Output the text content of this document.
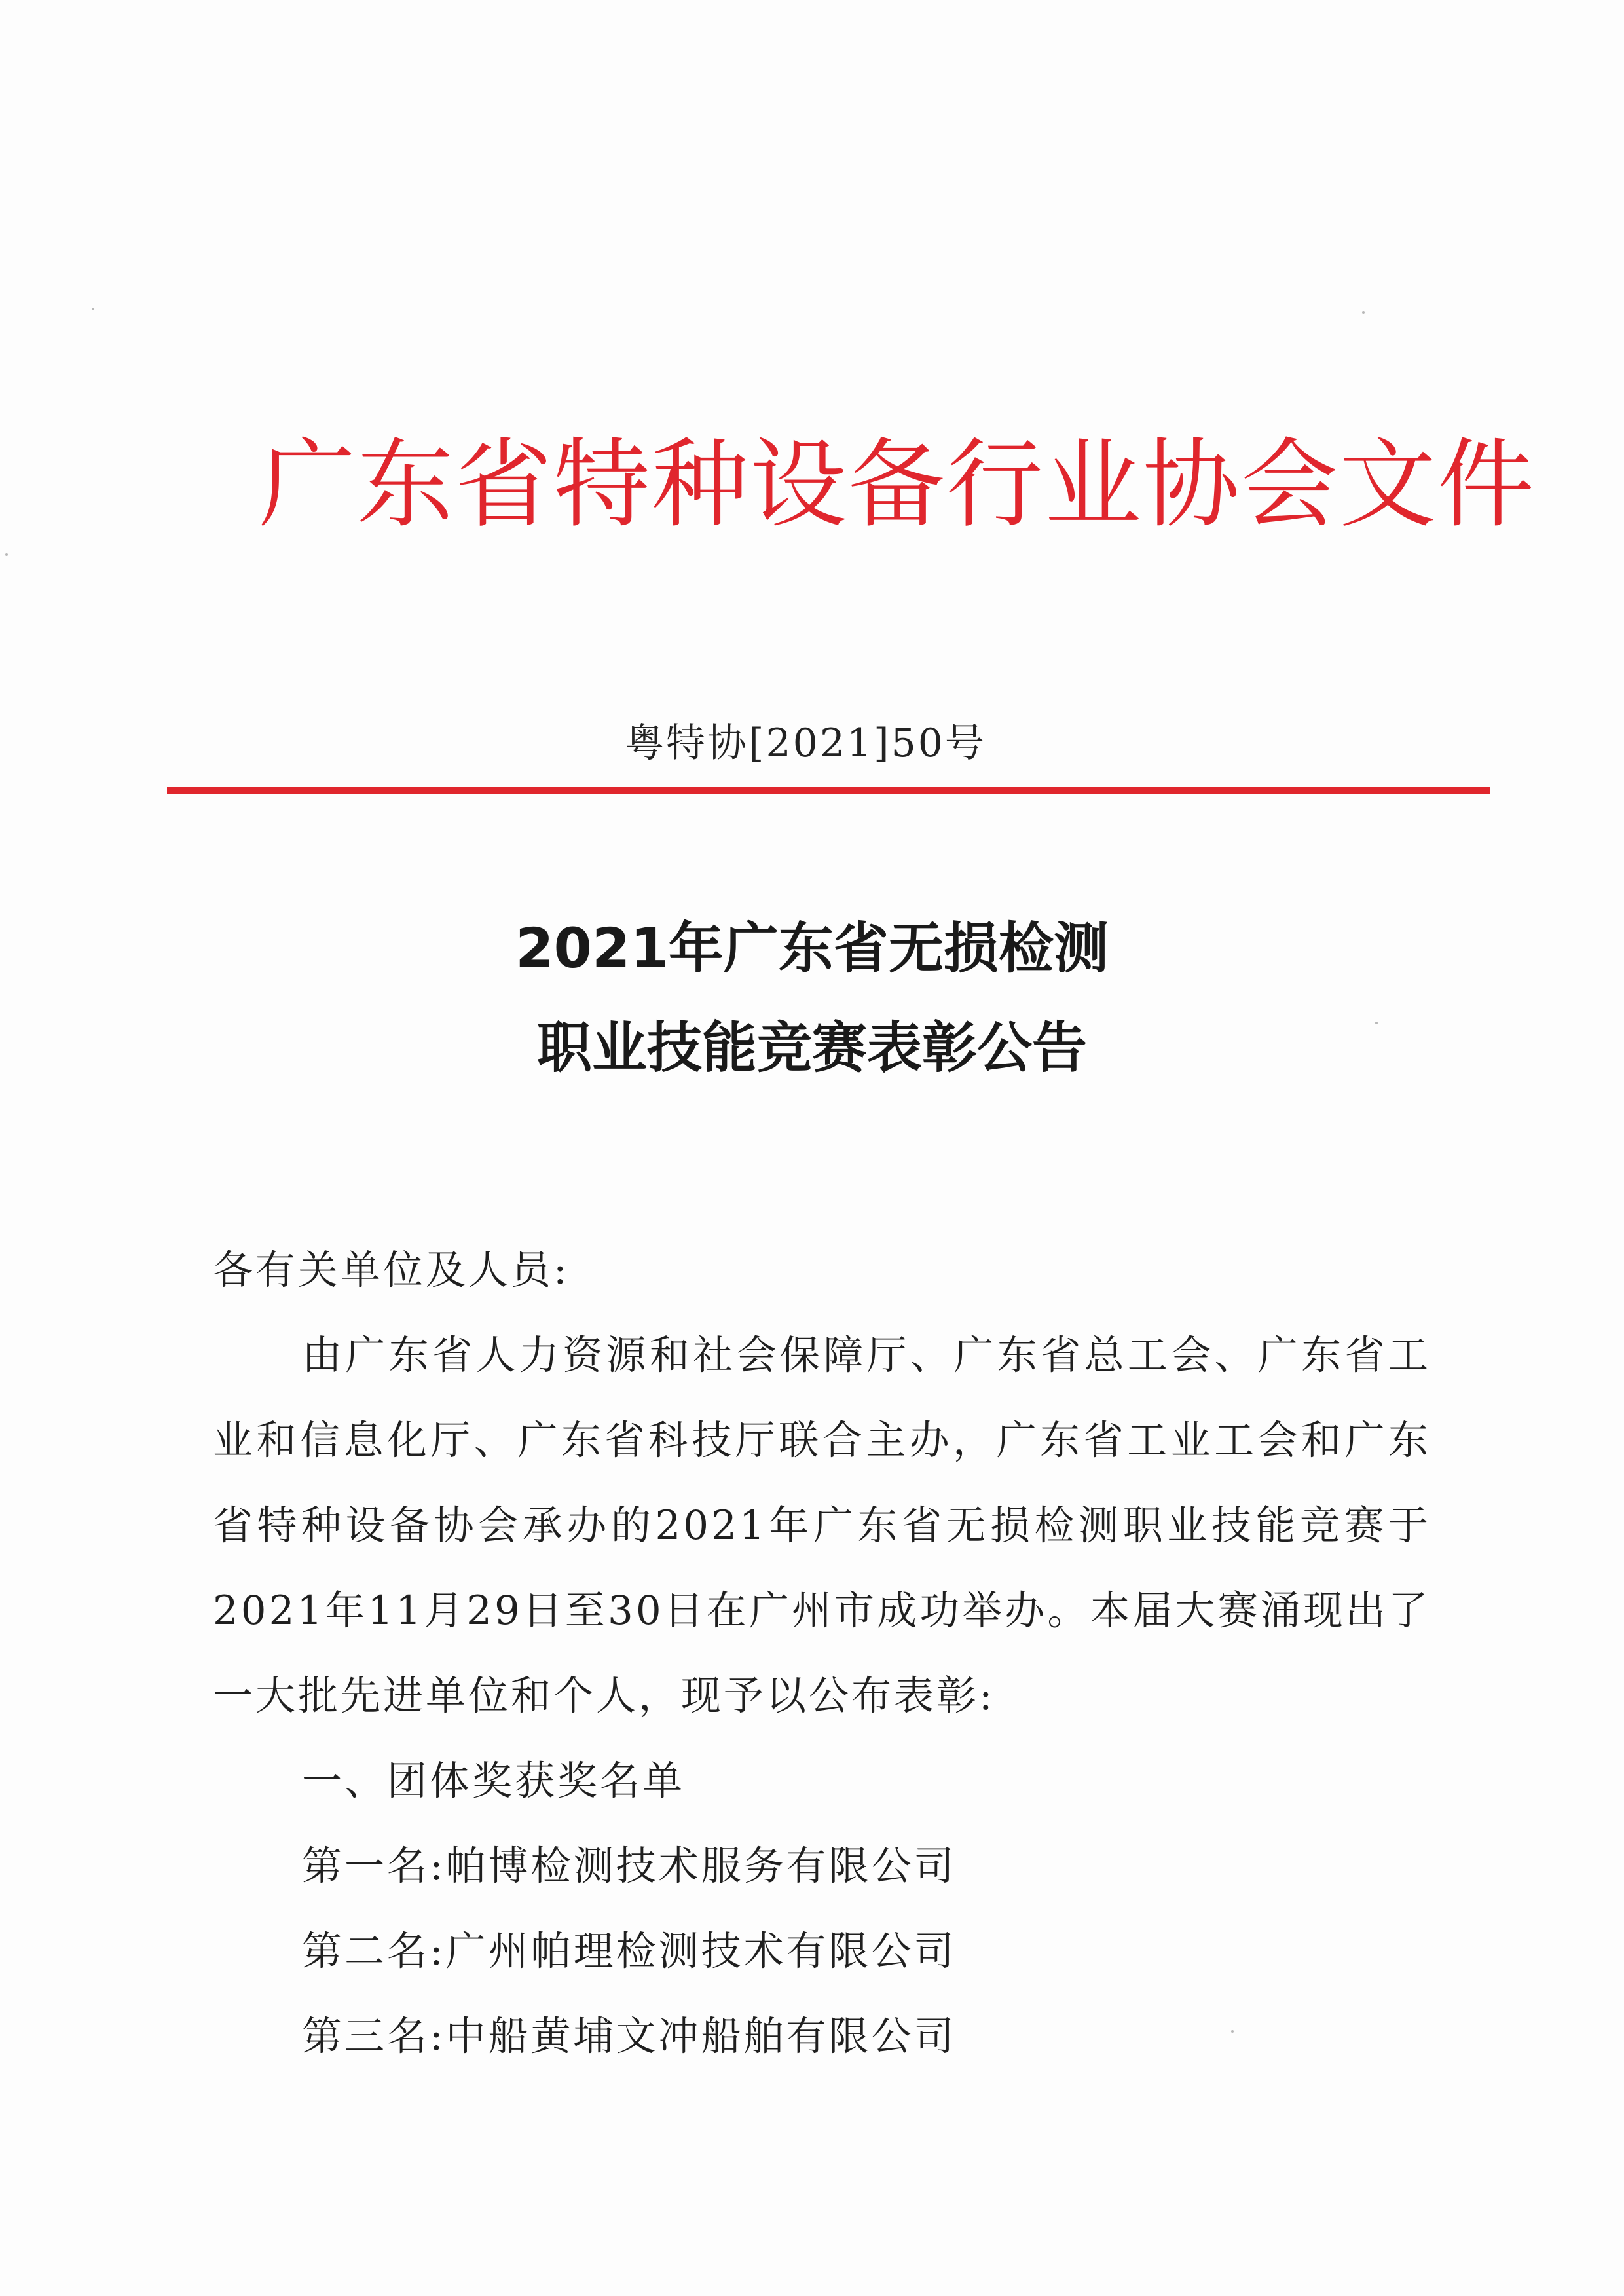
广东省特种设备行业协会文件
粤特协[2021]50号
2021年广东省无损检测
职业技能竞赛表彰公告
各有关单位及人员:

由广东省人力资源和社会保障厅、广东省总工会、广东省工业和信息化厅、广东省科技厅联合主办，广东省工业工会和广东省特种设备协会承办的2021年广东省无损检测职业技能竞赛于2021年11月29日至30日在广州市成功举办。本届大赛涌现出了一大批先进单位和个人，现予以公布表彰:

一、团体奖获奖名单
第一名:帕博检测技术服务有限公司
第二名:广州帕理检测技术有限公司
第三名:中船黄埔文冲船舶有限公司
